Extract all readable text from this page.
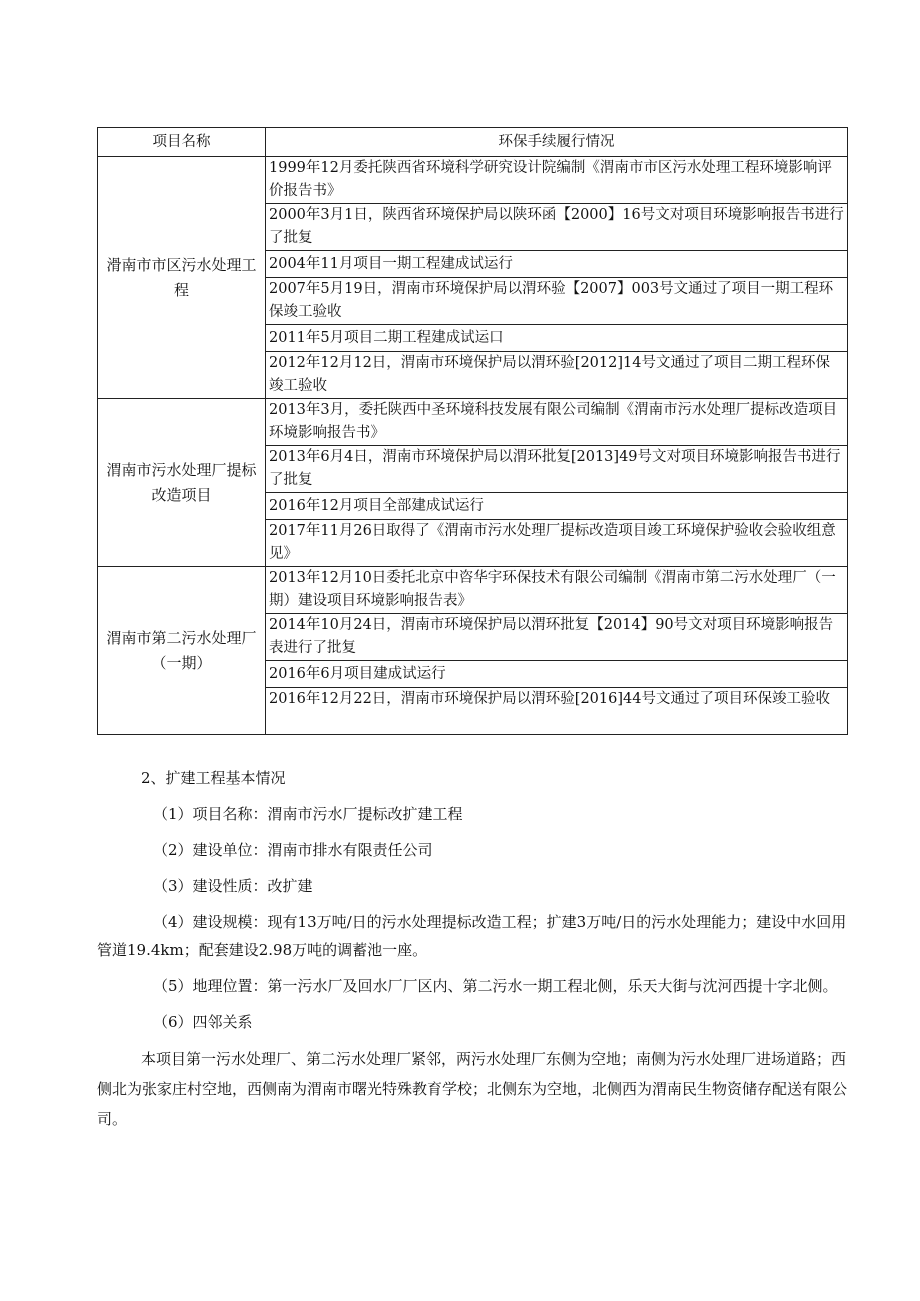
项目名称	环保手续履行情况
滑南市市区污水处理工程	1999年12月委托陕西省环境科学研究设计院编制《渭南市市区污水处理工程环境影响评价报告书》
	2000年3月1日，陕西省环境保护局以陕环函【2000】16号文对项目环境影响报告书进行了批复
	2004年11月项目一期工程建成试运行
	2007年5月19日，渭南市环境保护局以渭环验【2007】003号文通过了项目一期工程环保竣工验收
	2011年5月项目二期工程建成试运口
	2012年12月12日，渭南市环境保护局以渭环验[2012]14号文通过了项目二期工程环保竣工验收
渭南市污水处理厂提标改造项目	2013年3月，委托陕西中圣环境科技发展有限公司编制《渭南市污水处理厂提标改造项目环境影响报告书》
	2013年6月4日，渭南市环境保护局以渭环批复[2013]49号文对项目环境影响报告书进行了批复
	2016年12月项目全部建成试运行
	2017年11月26日取得了《渭南市污水处理厂提标改造项目竣工环境保护验收会验收组意见》
渭南市第二污水处理厂（一期）	2013年12月10日委托北京中咨华宇环保技术有限公司编制《渭南市第二污水处理厂（一期）建设项目环境影响报告表》
	2014年10月24日，渭南市环境保护局以渭环批复【2014】90号文对项目环境影响报告表进行了批复
	2016年6月项目建成试运行
	2016年12月22日，渭南市环境保护局以渭环验[2016]44号文通过了项目环保竣工验收

2、扩建工程基本情况

（1）项目名称：渭南市污水厂提标改扩建工程

（2）建设单位：渭南市排水有限责任公司

（3）建设性质：改扩建

（4）建设规模：现有13万吨/日的污水处理提标改造工程；扩建3万吨/日的污水处理能力；建设中水回用管道19.4km；配套建设2.98万吨的调蓄池一座。

（5）地理位置：第一污水厂及回水厂厂区内、第二污水一期工程北侧，乐天大街与沈河西提十字北侧。

（6）四邻关系

本项目第一污水处理厂、第二污水处理厂紧邻，两污水处理厂东侧为空地；南侧为污水处理厂进场道路；西侧北为张家庄村空地，西侧南为渭南市曙光特殊教育学校；北侧东为空地，北侧西为渭南民生物资储存配送有限公司。
